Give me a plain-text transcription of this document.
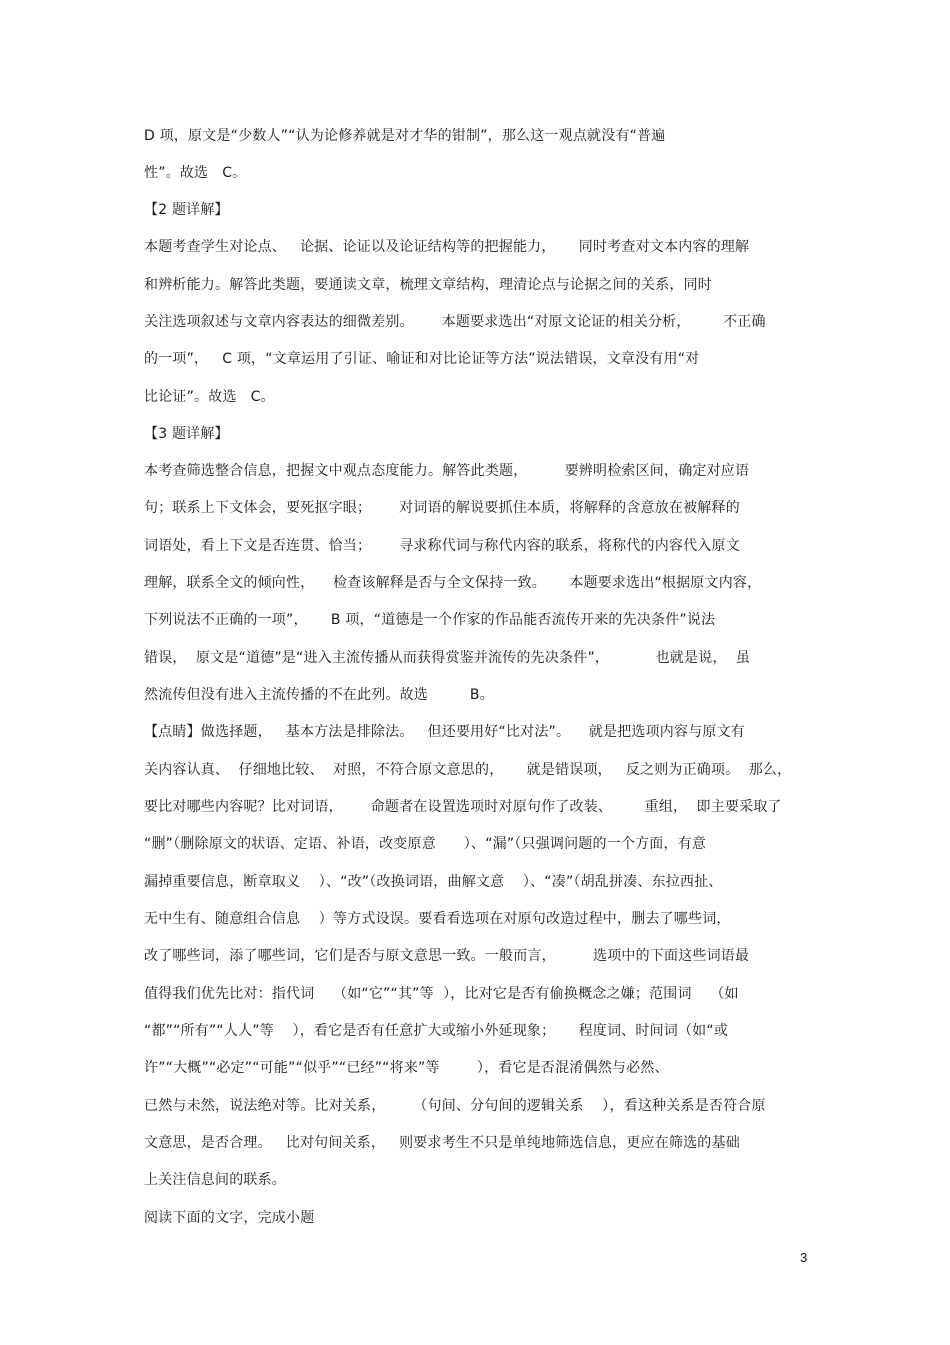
D 项，原文是“少数人”“认为论修养就是对才华的钳制”，那么这一观点就没有“普遍
性”。故选   C。
【2 题详解】
本题考查学生对论点、   论据、论证以及论证结构等的把握能力，     同时考查对文本内容的理解
和辨析能力。解答此类题，要通读文章，梳理文章结构，理清论点与论据之间的关系，同时
关注选项叙述与文章内容表达的细微差别。      本题要求选出“对原文论证的相关分析，       不正确
的一项”，   C 项，“文章运用了引证、喻证和对比论证等方法”说法错误，文章没有用“对
比论证”。故选   C。
【3 题详解】
本考查筛选整合信息，把握文中观点态度能力。解答此类题，        要辨明检索区间，确定对应语
句；联系上下文体会，要死抠字眼；      对词语的解说要抓住本质，将解释的含意放在被解释的
词语处，看上下文是否连贯、恰当；      寻求称代词与称代内容的联系，将称代的内容代入原文
理解，联系全文的倾向性，    检查该解释是否与全文保持一致。     本题要求选出“根据原文内容，
下列说法不正确的一项”，     B 项，“道德是一个作家的作品能否流传开来的先决条件”说法
错误，  原文是“道德”是“进入主流传播从而获得赏鉴并流传的先决条件”，          也就是说，  虽
然流传但没有进入主流传播的不在此列。故选         B。
【点睛】做选择题，   基本方法是排除法。   但还要用好“比对法”。    就是把选项内容与原文有
关内容认真、  仔细地比较、  对照，不符合原文意思的，     就是错误项，   反之则为正确项。  那么，
要比对哪些内容呢？比对词语，      命题者在设置选项时对原句作了改装、       重组，  即主要采取了
“删”（删除原文的状语、定语、补语，改变原意      ）、“漏”（只强调问题的一个方面，有意
漏掉重要信息，断章取义    ）、“改”（改换词语，曲解文意    ）、“凑”（胡乱拼凑、东拉西扯、
无中生有、随意组合信息    ）等方式设误。要看看选项在对原句改造过程中，删去了哪些词，
改了哪些词，添了哪些词，它们是否与原文意思一致。一般而言，        选项中的下面这些词语最
值得我们优先比对：指代词    （如“它”“其”等  ），比对它是否有偷换概念之嫌；范围词    （如
“都”“所有”“人人”等    ），看它是否有任意扩大或缩小外延现象；     程度词、时间词（如“或
许”“大概”“必定”“可能”“似乎”“已经”“将来”等        ），看它是否混淆偶然与必然、
已然与未然，说法绝对等。比对关系，      （句间、分句间的逻辑关系    ），看这种关系是否符合原
文意思，是否合理。   比对句间关系，   则要求考生不只是单纯地筛选信息，更应在筛选的基础
上关注信息间的联系。
阅读下面的文字，完成小题
3
